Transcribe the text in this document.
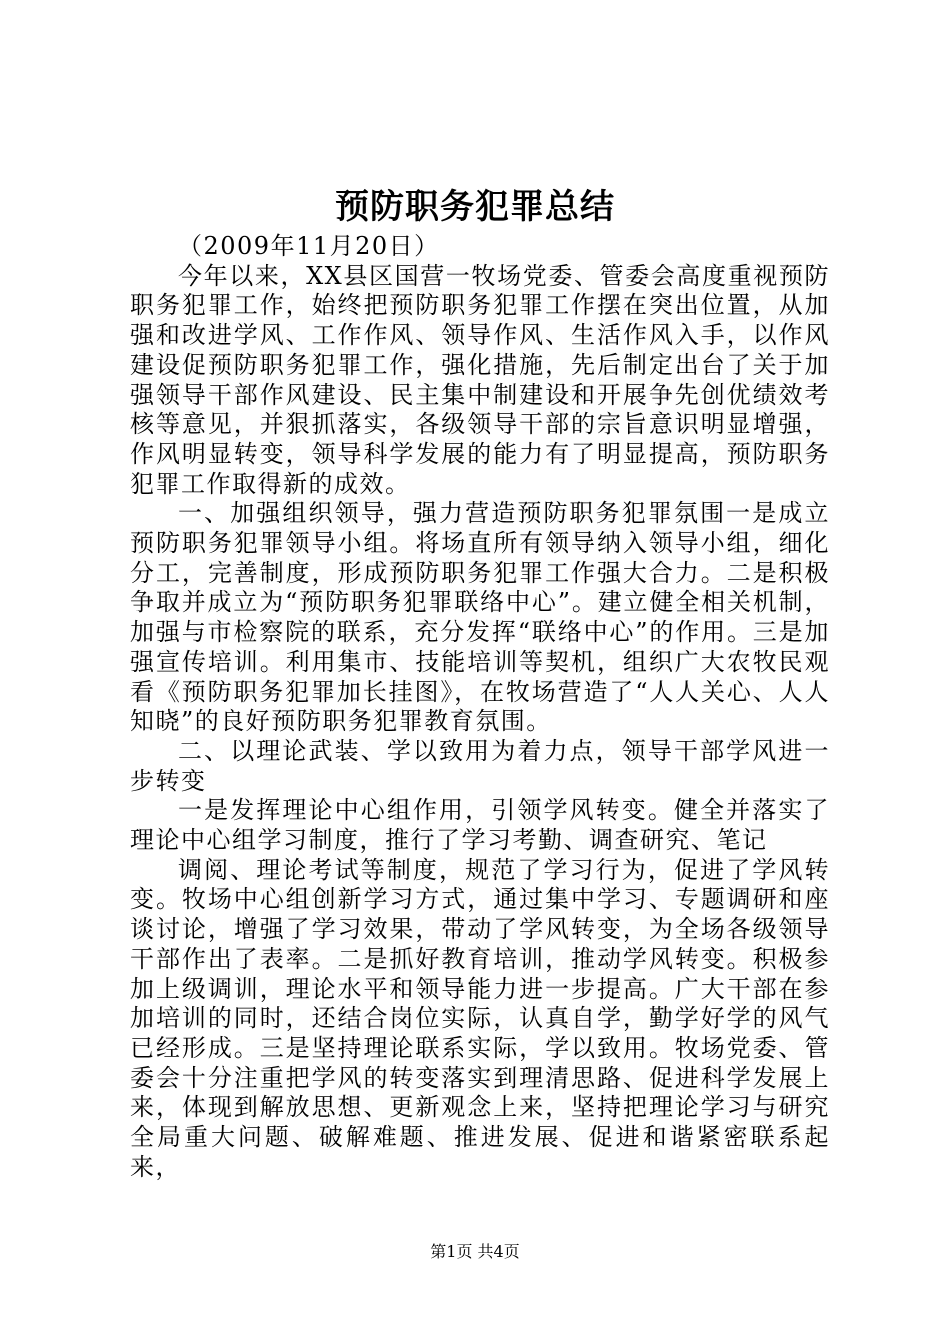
预防职务犯罪总结

（2009年11月20日）

今年以来，XX县区国营一牧场党委、管委会高度重视预防职务犯罪工作，始终把预防职务犯罪工作摆在突出位置，从加强和改进学风、工作作风、领导作风、生活作风入手，以作风建设促预防职务犯罪工作，强化措施，先后制定出台了关于加强领导干部作风建设、民主集中制建设和开展争先创优绩效考核等意见，并狠抓落实，各级领导干部的宗旨意识明显增强，作风明显转变，领导科学发展的能力有了明显提高，预防职务犯罪工作取得新的成效。

一、加强组织领导，强力营造预防职务犯罪氛围一是成立预防职务犯罪领导小组。将场直所有领导纳入领导小组，细化分工，完善制度，形成预防职务犯罪工作强大合力。二是积极争取并成立为“预防职务犯罪联络中心”。建立健全相关机制，加强与市检察院的联系，充分发挥“联络中心”的作用。三是加强宣传培训。利用集市、技能培训等契机，组织广大农牧民观看《预防职务犯罪加长挂图》，在牧场营造了“人人关心、人人知晓”的良好预防职务犯罪教育氛围。

二、以理论武装、学以致用为着力点，领导干部学风进一步转变

一是发挥理论中心组作用，引领学风转变。健全并落实了理论中心组学习制度，推行了学习考勤、调查研究、笔记

调阅、理论考试等制度，规范了学习行为，促进了学风转变。牧场中心组创新学习方式，通过集中学习、专题调研和座谈讨论，增强了学习效果，带动了学风转变，为全场各级领导干部作出了表率。二是抓好教育培训，推动学风转变。积极参加上级调训，理论水平和领导能力进一步提高。广大干部在参加培训的同时，还结合岗位实际，认真自学，勤学好学的风气已经形成。三是坚持理论联系实际，学以致用。牧场党委、管委会十分注重把学风的转变落实到理清思路、促进科学发展上来，体现到解放思想、更新观念上来，坚持把理论学习与研究全局重大问题、破解难题、推进发展、促进和谐紧密联系起来，

第1页 共4页
